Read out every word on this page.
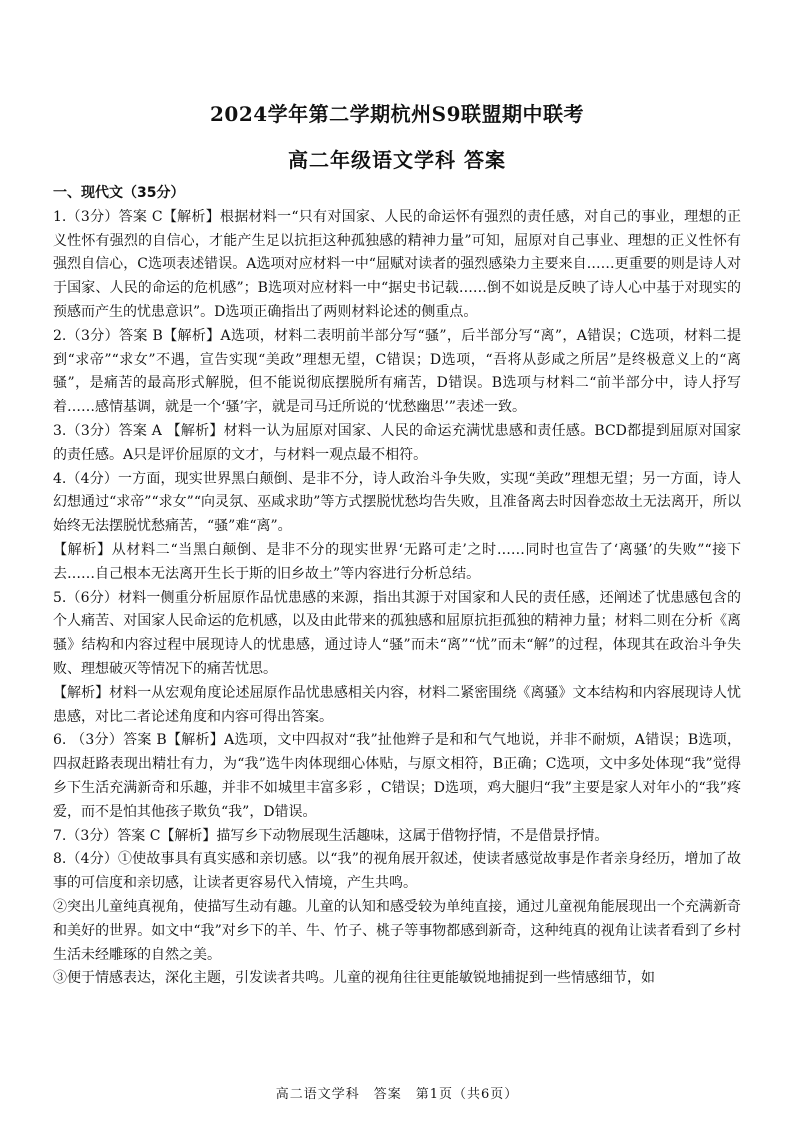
2024学年第二学期杭州S9联盟期中联考
高二年级语文学科 答案

一、现代文（35分）

1.（3分）答案 C【解析】根据材料一“只有对国家、人民的命运怀有强烈的责任感，对自己的事业，理想的正义性怀有强烈的自信心，才能产生足以抗拒这种孤独感的精神力量”可知，屈原对自己事业、理想的正义性怀有强烈自信心，C选项表述错误。A选项对应材料一中“屈赋对读者的强烈感染力主要来自……更重要的则是诗人对于国家、人民的命运的危机感”；B选项对应材料一中“据史书记载……倒不如说是反映了诗人心中基于对现实的预感而产生的忧患意识”。D选项正确指出了两则材料论述的侧重点。

2.（3分）答案 B【解析】A选项，材料二表明前半部分写“骚”，后半部分写“离”，A错误；C选项，材料二提到“求帝”“求女”不遇，宣告实现“美政”理想无望，C错误；D选项，“吾将从彭咸之所居”是终极意义上的“离骚”，是痛苦的最高形式解脱，但不能说彻底摆脱所有痛苦，D错误。B选项与材料二“前半部分中，诗人抒写着……感情基调，就是一个‘骚’字，就是司马迁所说的‘忧愁幽思’”表述一致。

3.（3分）答案 A 【解析】材料一认为屈原对国家、人民的命运充满忧患感和责任感。BCD都提到屈原对国家的责任感。A只是评价屈原的文才，与材料一观点最不相符。

4.（4分）一方面，现实世界黑白颠倒、是非不分，诗人政治斗争失败，实现“美政”理想无望；另一方面，诗人幻想通过“求帝”“求女”“向灵氛、巫咸求助”等方式摆脱忧愁均告失败，且准备离去时因眷恋故土无法离开，所以始终无法摆脱忧愁痛苦，“骚”难“离”。

【解析】从材料二“当黑白颠倒、是非不分的现实世界‘无路可走’之时……同时也宣告了‘离骚’的失败”“接下去……自己根本无法离开生长于斯的旧乡故土”等内容进行分析总结。

5.（6分）材料一侧重分析屈原作品忧患感的来源，指出其源于对国家和人民的责任感，还阐述了忧患感包含的个人痛苦、对国家人民命运的危机感，以及由此带来的孤独感和屈原抗拒孤独的精神力量；材料二则在分析《离骚》结构和内容过程中展现诗人的忧患感，通过诗人“骚”而未“离”“忧”而未“解”的过程，体现其在政治斗争失败、理想破灭等情况下的痛苦忧思。

【解析】材料一从宏观角度论述屈原作品忧患感相关内容，材料二紧密围绕《离骚》文本结构和内容展现诗人忧患感，对比二者论述角度和内容可得出答案。

6. （3分）答案 B【解析】A选项，文中四叔对“我”扯他辫子是和和气气地说，并非不耐烦，A错误；B选项，四叔赶路表现出精壮有力，为“我”选牛肉体现细心体贴，与原文相符，B正确；C选项，文中多处体现“我”觉得乡下生活充满新奇和乐趣，并非不如城里丰富多彩 ，C错误；D选项，鸡大腿归“我”主要是家人对年小的“我”疼爱，而不是怕其他孩子欺负“我”，D错误。

7.（3分）答案 C【解析】描写乡下动物展现生活趣味，这属于借物抒情，不是借景抒情。

8.（4分）①使故事具有真实感和亲切感。以“我”的视角展开叙述，使读者感觉故事是作者亲身经历，增加了故事的可信度和亲切感，让读者更容易代入情境，产生共鸣。

②突出儿童纯真视角，使描写生动有趣。儿童的认知和感受较为单纯直接，通过儿童视角能展现出一个充满新奇和美好的世界。如文中“我”对乡下的羊、牛、竹子、桃子等事物都感到新奇，这种纯真的视角让读者看到了乡村生活未经雕琢的自然之美。

③便于情感表达，深化主题，引发读者共鸣。儿童的视角往往更能敏锐地捕捉到一些情感细节，如

高二语文学科　答案　第1页（共6页）
